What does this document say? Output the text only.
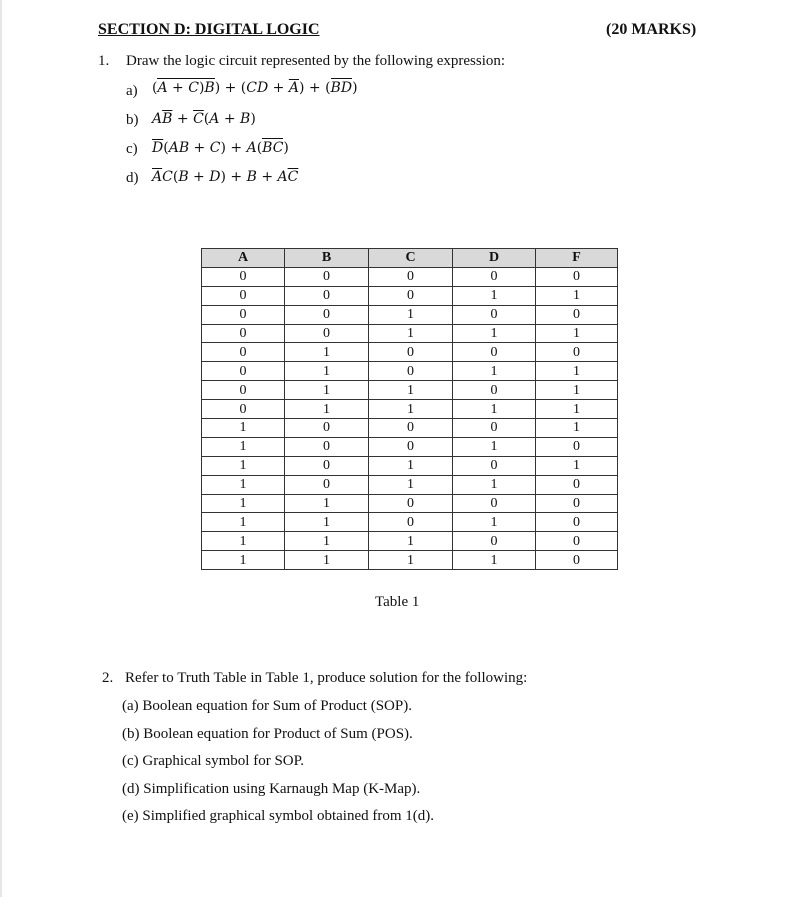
SECTION D: DIGITAL LOGIC	(20 MARKS)
1. Draw the logic circuit represented by the following expression:
a) $(A + C)B) + (CD + \overline{A}) + (BD)$
b) $A\overline{B} + \overline{C}(A + B)$
c) $\overline{D}(AB + C) + A(BC)$
d) $\overline{A}C(B + D) + B + A\overline{C}$
A	B	C	D	F
0	0	0	0	0
0	0	0	1	1
0	0	1	0	0
0	0	1	1	1
0	1	0	0	0
0	1	0	1	1
0	1	1	0	1
0	1	1	1	1
1	0	0	0	1
1	0	0	1	0
1	0	1	0	1
1	0	1	1	0
1	1	0	0	0
1	1	0	1	0
1	1	1	0	0
1	1	1	1	0
Table 1
2. Refer to Truth Table in Table 1, produce solution for the following:
(a) Boolean equation for Sum of Product (SOP).
(b) Boolean equation for Product of Sum (POS).
(c) Graphical symbol for SOP.
(d) Simplification using Karnaugh Map (K-Map).
(e) Simplified graphical symbol obtained from 1(d).
